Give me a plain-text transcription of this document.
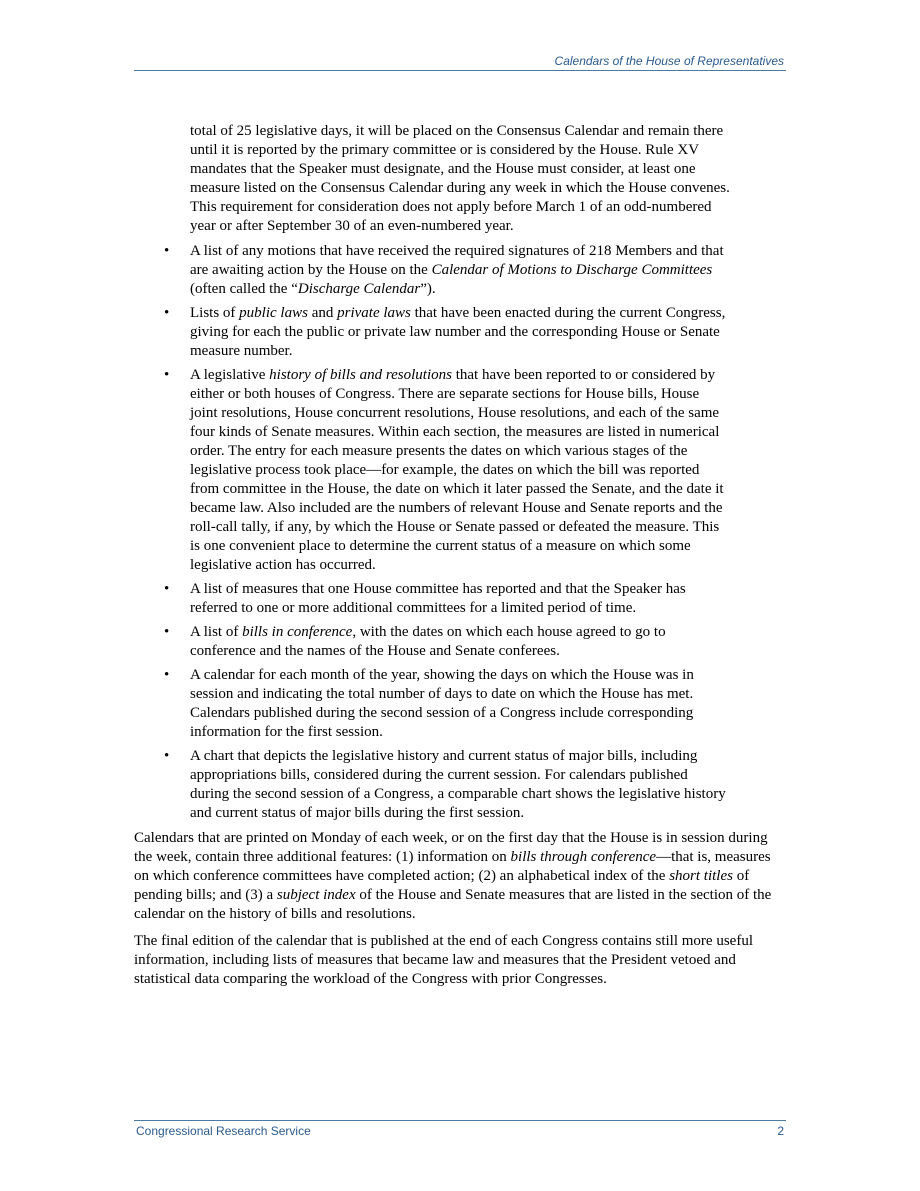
Calendars of the House of Representatives

total of 25 legislative days, it will be placed on the Consensus Calendar and remain there until it is reported by the primary committee or is considered by the House. Rule XV mandates that the Speaker must designate, and the House must consider, at least one measure listed on the Consensus Calendar during any week in which the House convenes. This requirement for consideration does not apply before March 1 of an odd-numbered year or after September 30 of an even-numbered year.

• A list of any motions that have received the required signatures of 218 Members and that are awaiting action by the House on the Calendar of Motions to Discharge Committees (often called the “Discharge Calendar”).
• Lists of public laws and private laws that have been enacted during the current Congress, giving for each the public or private law number and the corresponding House or Senate measure number.
• A legislative history of bills and resolutions that have been reported to or considered by either or both houses of Congress. There are separate sections for House bills, House joint resolutions, House concurrent resolutions, House resolutions, and each of the same four kinds of Senate measures. Within each section, the measures are listed in numerical order. The entry for each measure presents the dates on which various stages of the legislative process took place—for example, the dates on which the bill was reported from committee in the House, the date on which it later passed the Senate, and the date it became law. Also included are the numbers of relevant House and Senate reports and the roll-call tally, if any, by which the House or Senate passed or defeated the measure. This is one convenient place to determine the current status of a measure on which some legislative action has occurred.
• A list of measures that one House committee has reported and that the Speaker has referred to one or more additional committees for a limited period of time.
• A list of bills in conference, with the dates on which each house agreed to go to conference and the names of the House and Senate conferees.
• A calendar for each month of the year, showing the days on which the House was in session and indicating the total number of days to date on which the House has met. Calendars published during the second session of a Congress include corresponding information for the first session.
• A chart that depicts the legislative history and current status of major bills, including appropriations bills, considered during the current session. For calendars published during the second session of a Congress, a comparable chart shows the legislative history and current status of major bills during the first session.

Calendars that are printed on Monday of each week, or on the first day that the House is in session during the week, contain three additional features: (1) information on bills through conference—that is, measures on which conference committees have completed action; (2) an alphabetical index of the short titles of pending bills; and (3) a subject index of the House and Senate measures that are listed in the section of the calendar on the history of bills and resolutions.

The final edition of the calendar that is published at the end of each Congress contains still more useful information, including lists of measures that became law and measures that the President vetoed and statistical data comparing the workload of the Congress with prior Congresses.

Congressional Research Service	2
